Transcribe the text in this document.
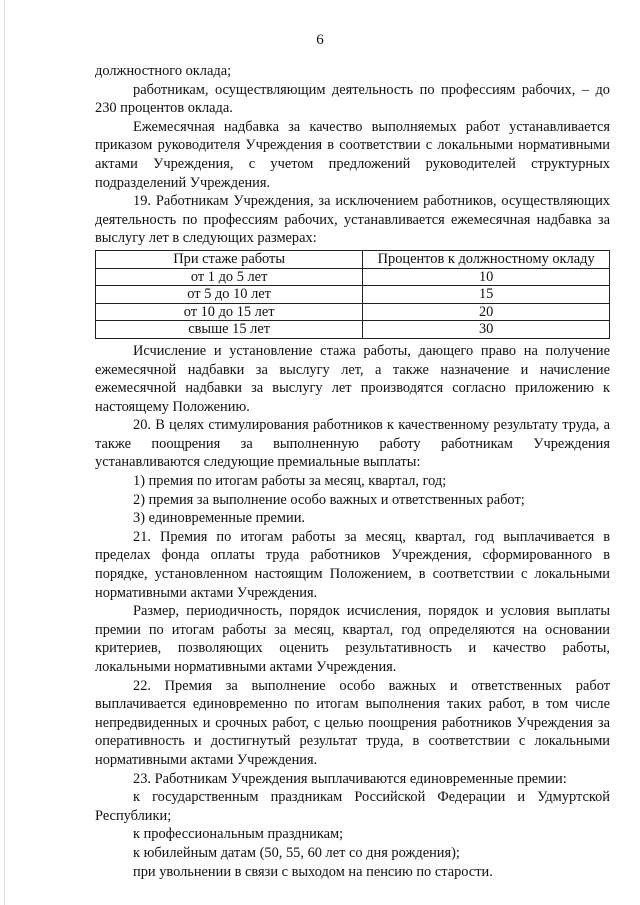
6

должностного оклада;

работникам, осуществляющим деятельность по профессиям рабочих, – до 230 процентов оклада.

Ежемесячная надбавка за качество выполняемых работ устанавливается приказом руководителя Учреждения в соответствии с локальными нормативными актами Учреждения, с учетом предложений руководителей структурных подразделений Учреждения.

19. Работникам Учреждения, за исключением работников, осуществляющих деятельность по профессиям рабочих, устанавливается ежемесячная надбавка за выслугу лет в следующих размерах:

При стаже работы	Процентов к должностному окладу
от 1 до 5 лет	10
от 5 до 10 лет	15
от 10 до 15 лет	20
свыше 15 лет	30

Исчисление и установление стажа работы, дающего право на получение ежемесячной надбавки за выслугу лет, а также назначение и начисление ежемесячной надбавки за выслугу лет производятся согласно приложению к настоящему Положению.

20. В целях стимулирования работников к качественному результату труда, а также поощрения за выполненную работу работникам Учреждения устанавливаются следующие премиальные выплаты:

1) премия по итогам работы за месяц, квартал, год;

2) премия за выполнение особо важных и ответственных работ;

3) единовременные премии.

21. Премия по итогам работы за месяц, квартал, год выплачивается в пределах фонда оплаты труда работников Учреждения, сформированного в порядке, установленном настоящим Положением, в соответствии с локальными нормативными актами Учреждения.

Размер, периодичность, порядок исчисления, порядок и условия выплаты премии по итогам работы за месяц, квартал, год определяются на основании критериев, позволяющих оценить результативность и качество работы, локальными нормативными актами Учреждения.

22. Премия за выполнение особо важных и ответственных работ выплачивается единовременно по итогам выполнения таких работ, в том числе непредвиденных и срочных работ, с целью поощрения работников Учреждения за оперативность и достигнутый результат труда, в соответствии с локальными нормативными актами Учреждения.

23. Работникам Учреждения выплачиваются единовременные премии:

к государственным праздникам Российской Федерации и Удмуртской Республики;

к профессиональным праздникам;

к юбилейным датам (50, 55, 60 лет со дня рождения);

при увольнении в связи с выходом на пенсию по старости.
